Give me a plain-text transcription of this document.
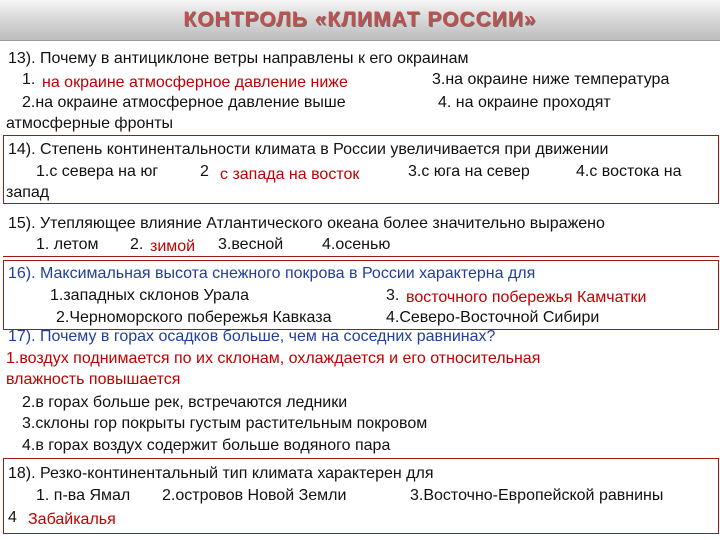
КОНТРОЛЬ «КЛИМАТ РОССИИ»
13). Почему в антициклоне ветры направлены к его окраинам
1. на окраине атмосферное давление ниже	3.на окраине ниже температура
2.на окраине атмосферное давление выше	4. на окраине проходят
атмосферные фронты
14). Степень континентальности климата в России увеличивается при движении
1.с севера на юг	2 с запада на восток	3.с юга на север	4.с востока на
запад
15). Утепляющее влияние Атлантического океана более значительно выражено
1. летом 2. зимой 3.весной 4.осенью
16). Максимальная высота снежного покрова в России характерна для
1.западных склонов Урала	3. восточного побережья Камчатки
2.Черноморского побережья Кавказа	4.Северо-Восточной Сибири
17). Почему в горах осадков больше, чем на соседних равнинах?
1.воздух поднимается по их склонам, охлаждается и его относительная
влажность повышается
2.в горах больше рек, встречаются ледники
3.склоны гор покрыты густым растительным покровом
4.в горах воздух содержит больше водяного пара
18). Резко-континентальный тип климата характерен для
1. п-ва Ямал 2.островов Новой Земли	3.Восточно-Европейской равнины
4 Забайкалья
